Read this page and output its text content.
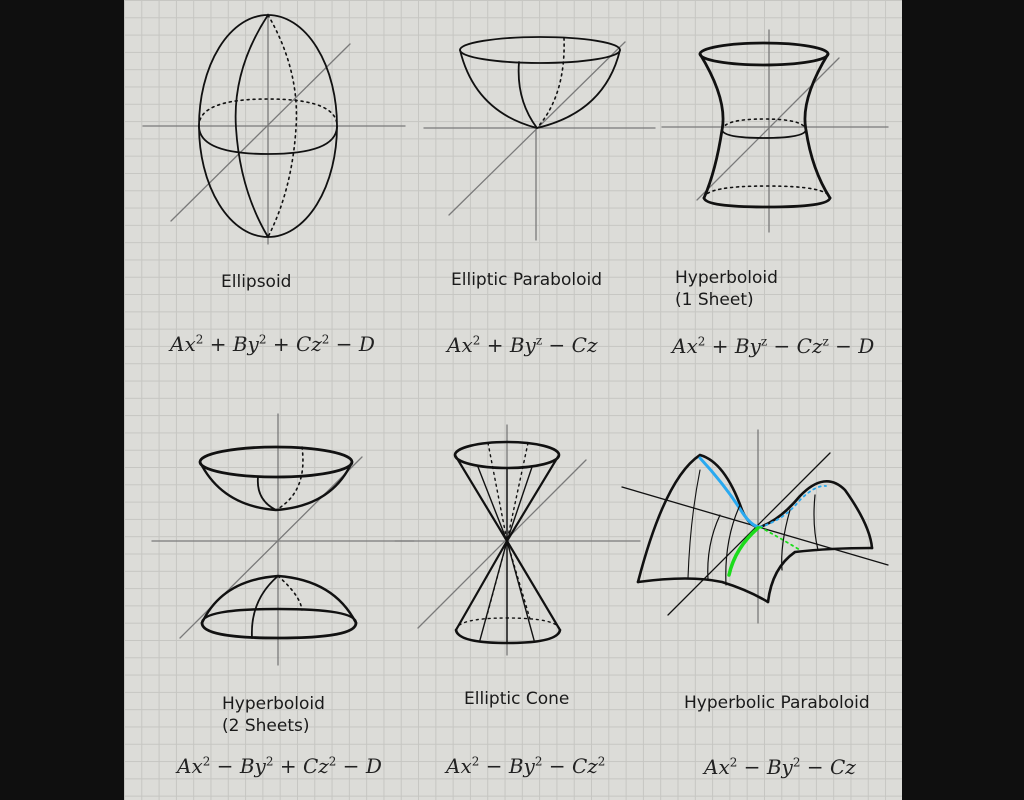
Ellipsoid	Elliptic Paraboloid	Hyperboloid
(1 Sheet)
$Ax^2 + By^2 + Cz^2 - D$	$Ax^2 + By^z - Cz$	$Ax^2 + By^z - Cz^z - D$
Hyperboloid
(2 Sheets)
Elliptic Cone	Hyperbolic Paraboloid
$Ax^2 - By^2 + Cz^2 - D$	$Ax^2 - By^2 - Cz^2$	$Ax^2 - By^2 - Cz$
